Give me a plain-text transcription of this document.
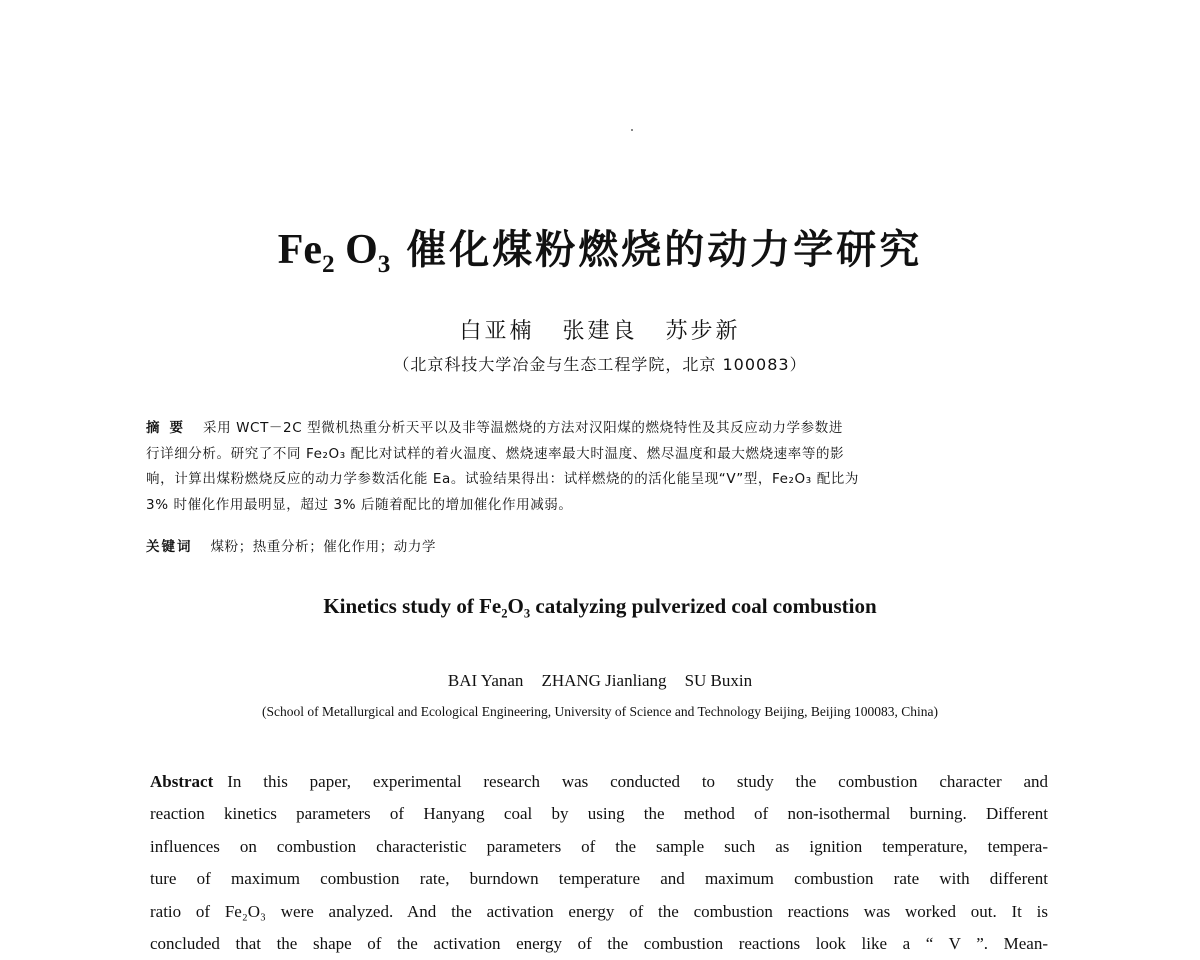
$Fe_2$ $O_3$ 催化煤粉燃烧的动力学研究
白亚楠 张建良 苏步新
（北京科技大学冶金与生态工程学院，北京 100083）

摘要 采用 WCT－2C 型微机热重分析天平以及非等温燃烧的方法对汉阳煤的燃烧特性及其反应动力学参数进

行详细分析。研究了不同 Fe₂O₃ 配比对试样的着火温度、燃烧速率最大时温度、燃尽温度和最大燃烧速率等的影

响，计算出煤粉燃烧反应的动力学参数活化能 Ea。试验结果得出：试样燃烧的的活化能呈现“V”型，Fe₂O₃ 配比为

3% 时催化作用最明显，超过 3% 后随着配比的增加催化作用减弱。

关键词 煤粉；热重分析；催化作用；动力学
Kinetics study of $Fe_2O_3$ catalyzing pulverized coal combustion
BAI Yanan ZHANG Jianliang SU Buxin
(School of Metallurgical and Ecological Engineering, University of Science and Technology Beijing, Beijing 100083, China)
Abstract In this paper, experimental research was conducted to study the combustion character and
reaction kinetics parameters of Hanyang coal by using the method of non-isothermal burning. Different
influences on combustion characteristic parameters of the sample such as ignition temperature, tempera-
ture of maximum combustion rate, burndown temperature and maximum combustion rate with different
ratio of Fe₂O₃ were analyzed. And the activation energy of the combustion reactions was worked out. It is
concluded that the shape of the activation energy of the combustion reactions look like a “ V ”. Mean-
